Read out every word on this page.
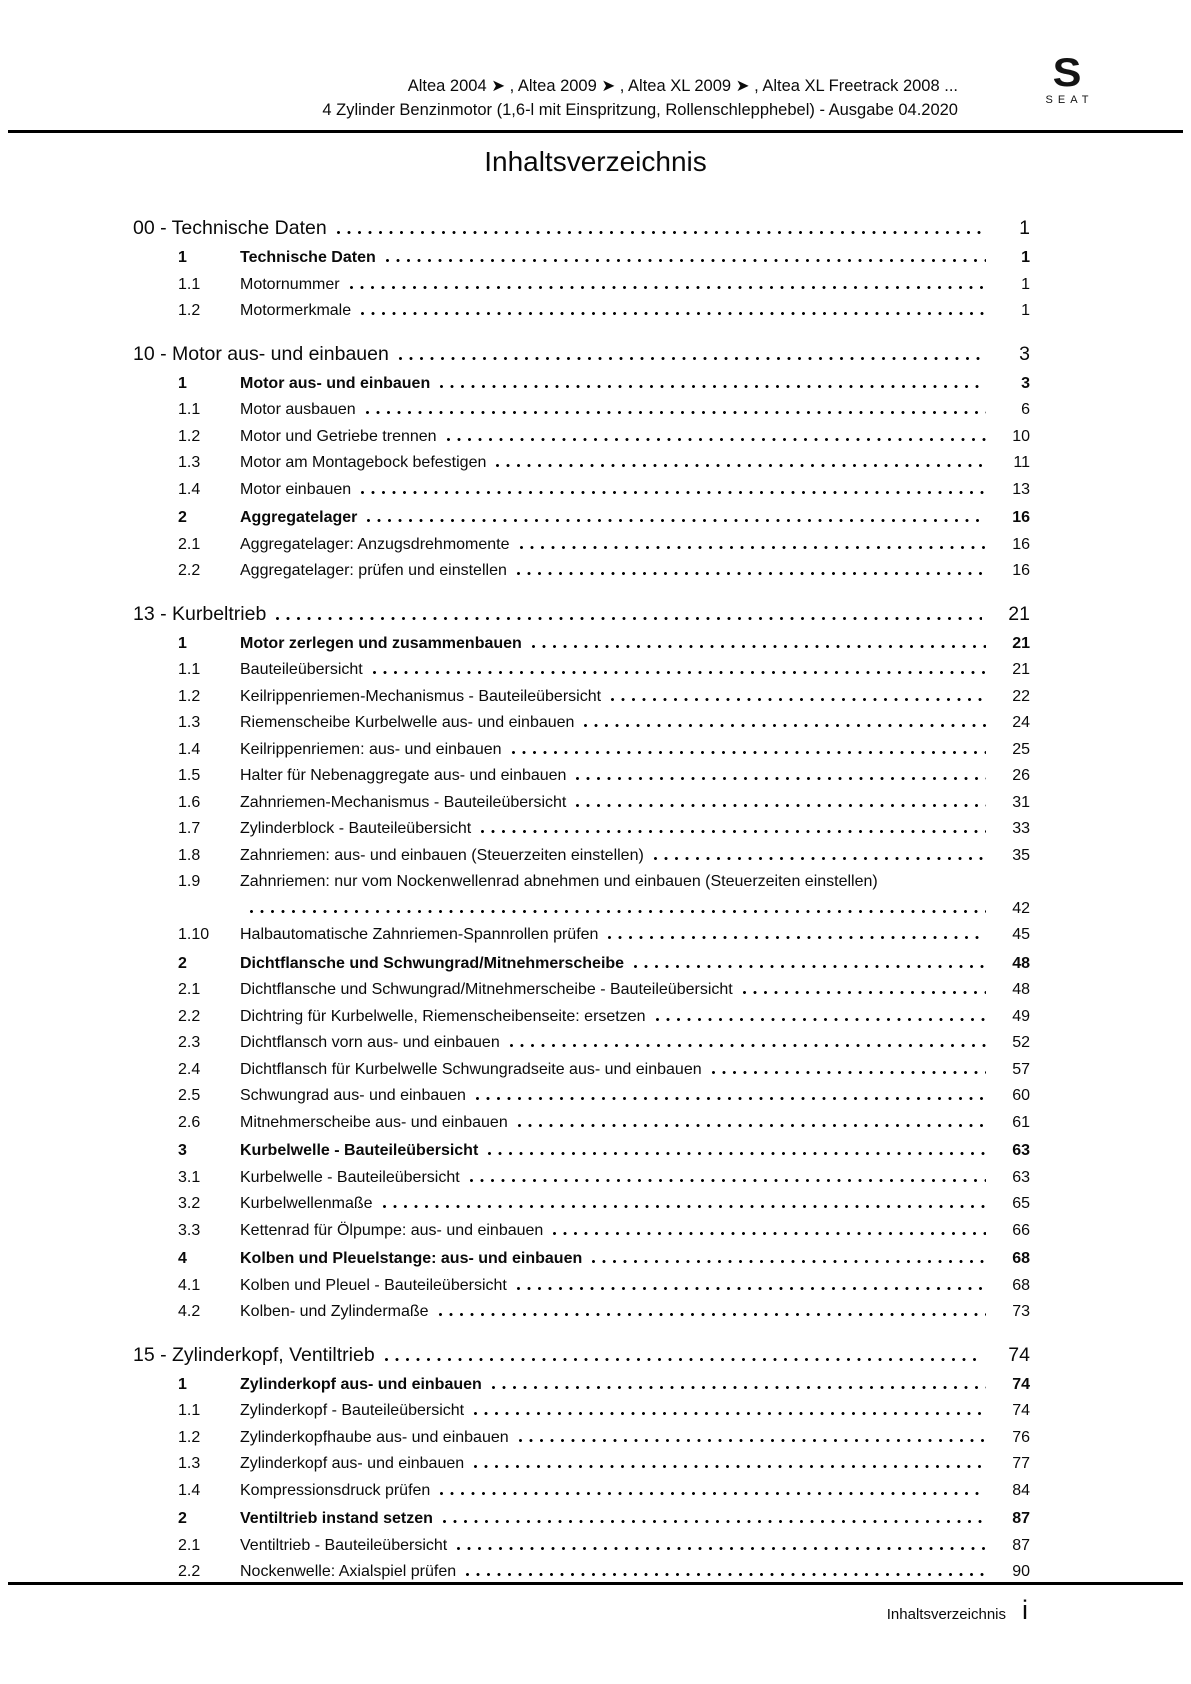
Altea 2004 ➤ , Altea 2009 ➤ , Altea XL 2009 ➤ , Altea XL Freetrack 2008 ...
4 Zylinder Benzinmotor (1,6-l mit Einspritzung, Rollenschlepphebel) - Ausgabe 04.2020
S
SEAT
Inhaltsverzeichnis
00 - Technische Daten	1
1	Technische Daten	1
1.1	Motornummer	1
1.2	Motormerkmale	1
10 - Motor aus- und einbauen	3
1	Motor aus- und einbauen	3
1.1	Motor ausbauen	6
1.2	Motor und Getriebe trennen	10
1.3	Motor am Montagebock befestigen	11
1.4	Motor einbauen	13
2	Aggregatelager	16
2.1	Aggregatelager: Anzugsdrehmomente	16
2.2	Aggregatelager: prüfen und einstellen	16
13 - Kurbeltrieb	21
1	Motor zerlegen und zusammenbauen	21
1.1	Bauteileübersicht	21
1.2	Keilrippenriemen-Mechanismus - Bauteileübersicht	22
1.3	Riemenscheibe Kurbelwelle aus- und einbauen	24
1.4	Keilrippenriemen: aus- und einbauen	25
1.5	Halter für Nebenaggregate aus- und einbauen	26
1.6	Zahnriemen-Mechanismus - Bauteileübersicht	31
1.7	Zylinderblock - Bauteileübersicht	33
1.8	Zahnriemen: aus- und einbauen (Steuerzeiten einstellen)	35
1.9	Zahnriemen: nur vom Nockenwellenrad abnehmen und einbauen (Steuerzeiten einstellen)
42
1.10	Halbautomatische Zahnriemen-Spannrollen prüfen	45
2	Dichtflansche und Schwungrad/Mitnehmerscheibe	48
2.1	Dichtflansche und Schwungrad/Mitnehmerscheibe - Bauteileübersicht	48
2.2	Dichtring für Kurbelwelle, Riemenscheibenseite: ersetzen	49
2.3	Dichtflansch vorn aus- und einbauen	52
2.4	Dichtflansch für Kurbelwelle Schwungradseite aus- und einbauen	57
2.5	Schwungrad aus- und einbauen	60
2.6	Mitnehmerscheibe aus- und einbauen	61
3	Kurbelwelle - Bauteileübersicht	63
3.1	Kurbelwelle - Bauteileübersicht	63
3.2	Kurbelwellenmaße	65
3.3	Kettenrad für Ölpumpe: aus- und einbauen	66
4	Kolben und Pleuelstange: aus- und einbauen	68
4.1	Kolben und Pleuel - Bauteileübersicht	68
4.2	Kolben- und Zylindermaße	73
15 - Zylinderkopf, Ventiltrieb	74
1	Zylinderkopf aus- und einbauen	74
1.1	Zylinderkopf - Bauteileübersicht	74
1.2	Zylinderkopfhaube aus- und einbauen	76
1.3	Zylinderkopf aus- und einbauen	77
1.4	Kompressionsdruck prüfen	84
2	Ventiltrieb instand setzen	87
2.1	Ventiltrieb - Bauteileübersicht	87
2.2	Nockenwelle: Axialspiel prüfen	90
Inhaltsverzeichnis i
